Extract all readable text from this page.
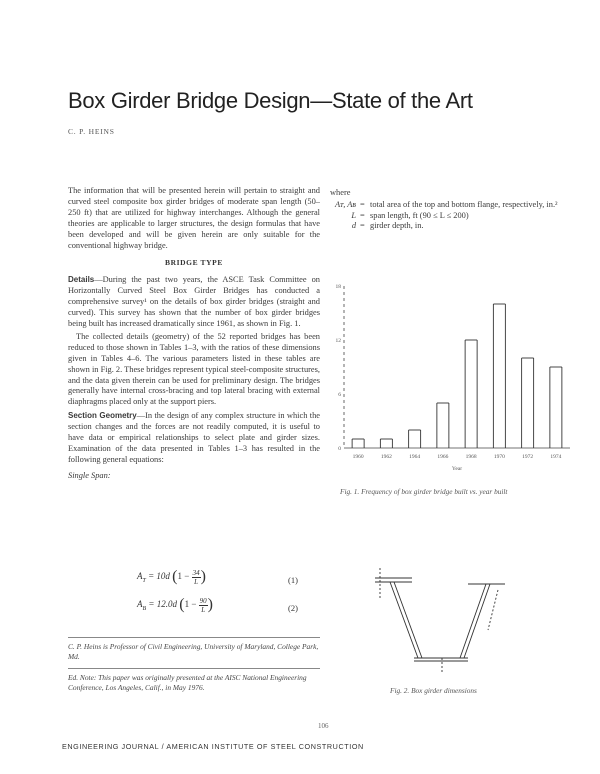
Box Girder Bridge Design—State of the Art
C. P. HEINS

The information that will be presented herein will pertain to straight and curved steel composite box girder bridges of moderate span length (50–250 ft) that are utilized for highway interchanges. Although the general theories are applicable to larger structures, the design formulas that have been developed and will be given herein are only suitable for the conventional highway bridge.

BRIDGE TYPE

Details—During the past two years, the ASCE Task Committee on Horizontally Curved Steel Box Girder Bridges has conducted a comprehensive survey¹ on the details of box girder bridges (straight and curved). This survey has shown that the number of box girder bridges being built has increased dramatically since 1961, as shown in Fig. 1.

The collected details (geometry) of the 52 reported bridges has been reduced to those shown in Tables 1–3, with the ratios of these dimensions given in Tables 4–6. The various parameters listed in these tables are shown in Fig. 2. These bridges represent typical steel-composite structures, and the data given therein can be used for preliminary design. The bridges generally have internal cross-bracing and top lateral bracing with external diaphragms placed only at the support piers.

Section Geometry—In the design of any complex structure in which the section changes and the forces are not readily computed, it is useful to have data or empirical relationships to select plate and girder sizes. Examination of the data presented in Tables 1–3 has resulted in the following general equations:

Single Span:

$A_T = 10d$ ($1 - \frac{34}{L}$ )	(1)
$A_B = 12.0d$ ($1 - \frac{90}{L}$ )	(2)
C. P. Heins is Professor of Civil Engineering, University of Maryland, College Park, Md.
Ed. Note: This paper was originally presented at the AISC National Engineering Conference, Los Angeles, Calif., in May 1976.
where
Aᴛ, Aʙ	=	total area of the top and bottom flange, respectively, in.²
L	=	span length, ft (90 ≤ L ≤ 200)
d	=	girder depth, in.
1960	1962	1964	1966	1968	1970	1972	1974
0
6
12
18
Year
Fig. 1. Frequency of box girder bridge built vs. year built
Fig. 2. Box girder dimensions
106
ENGINEERING JOURNAL / AMERICAN INSTITUTE OF STEEL CONSTRUCTION
